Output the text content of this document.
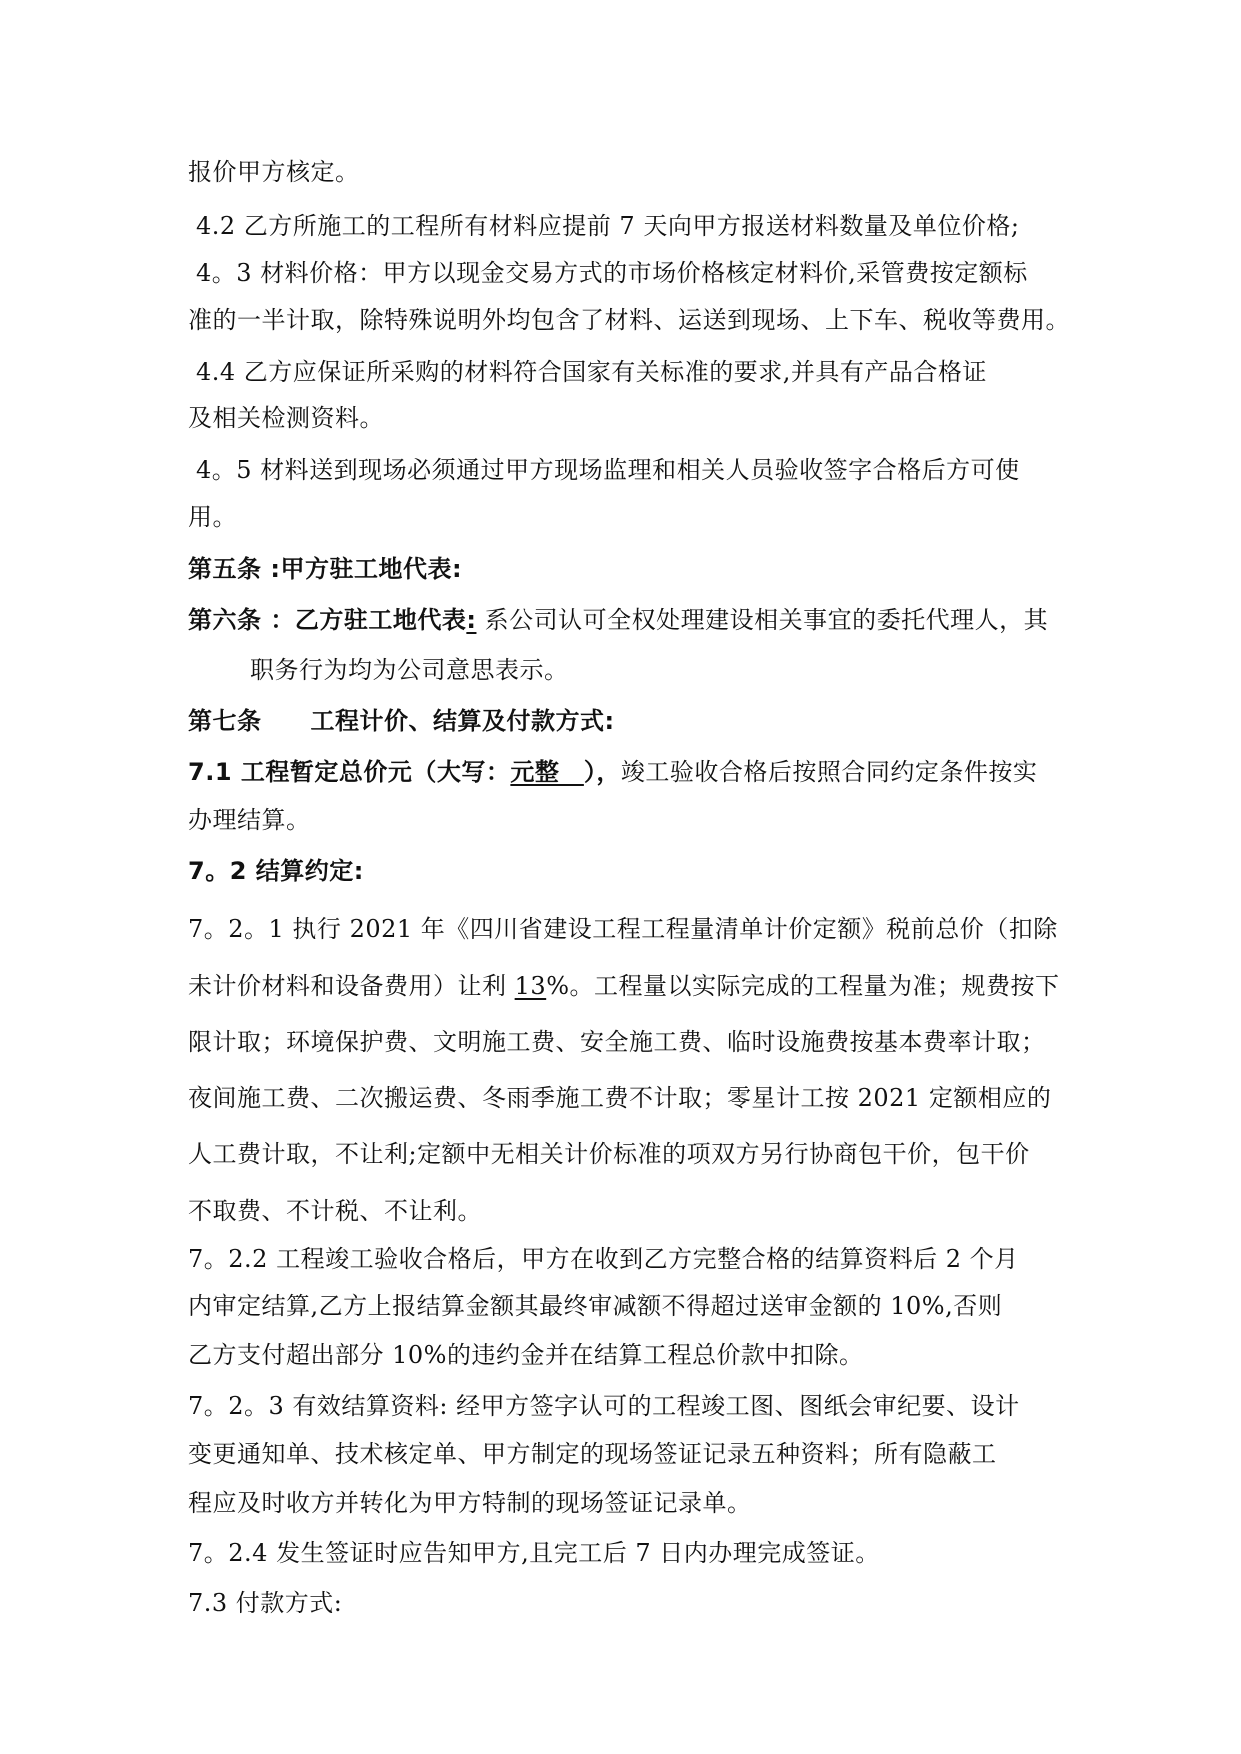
报价甲方核定。

4.2 乙方所施工的工程所有材料应提前 7 天向甲方报送材料数量及单位价格;

4。3 材料价格：甲方以现金交易方式的市场价格核定材料价,采管费按定额标

准的一半计取，除特殊说明外均包含了材料、运送到现场、上下车、税收等费用。

4.4 乙方应保证所采购的材料符合国家有关标准的要求,并具有产品合格证

及相关检测资料。

4。5 材料送到现场必须通过甲方现场监理和相关人员验收签字合格后方可使

用。

第五条 :甲方驻工地代表:

第六条 ：乙方驻工地代表: 系公司认可全权处理建设相关事宜的委托代理人，其

职务行为均为公司意思表示。

第七条　　工程计价、结算及付款方式:

7.1 工程暂定总价元（大写：元整　），竣工验收合格后按照合同约定条件按实

办理结算。

7。2 结算约定:

7。2。1 执行 2021 年《四川省建设工程工程量清单计价定额》税前总价（扣除

未计价材料和设备费用）让利 13%。工程量以实际完成的工程量为准；规费按下

限计取；环境保护费、文明施工费、安全施工费、临时设施费按基本费率计取；

夜间施工费、二次搬运费、冬雨季施工费不计取；零星计工按 2021 定额相应的

人工费计取，不让利;定额中无相关计价标准的项双方另行协商包干价，包干价

不取费、不计税、不让利。

7。2.2 工程竣工验收合格后，甲方在收到乙方完整合格的结算资料后 2 个月

内审定结算,乙方上报结算金额其最终审减额不得超过送审金额的 10%,否则

乙方支付超出部分 10%的违约金并在结算工程总价款中扣除。

7。2。3 有效结算资料: 经甲方签字认可的工程竣工图、图纸会审纪要、设计

变更通知单、技术核定单、甲方制定的现场签证记录五种资料；所有隐蔽工

程应及时收方并转化为甲方特制的现场签证记录单。

7。2.4 发生签证时应告知甲方,且完工后 7 日内办理完成签证。

7.3 付款方式:
